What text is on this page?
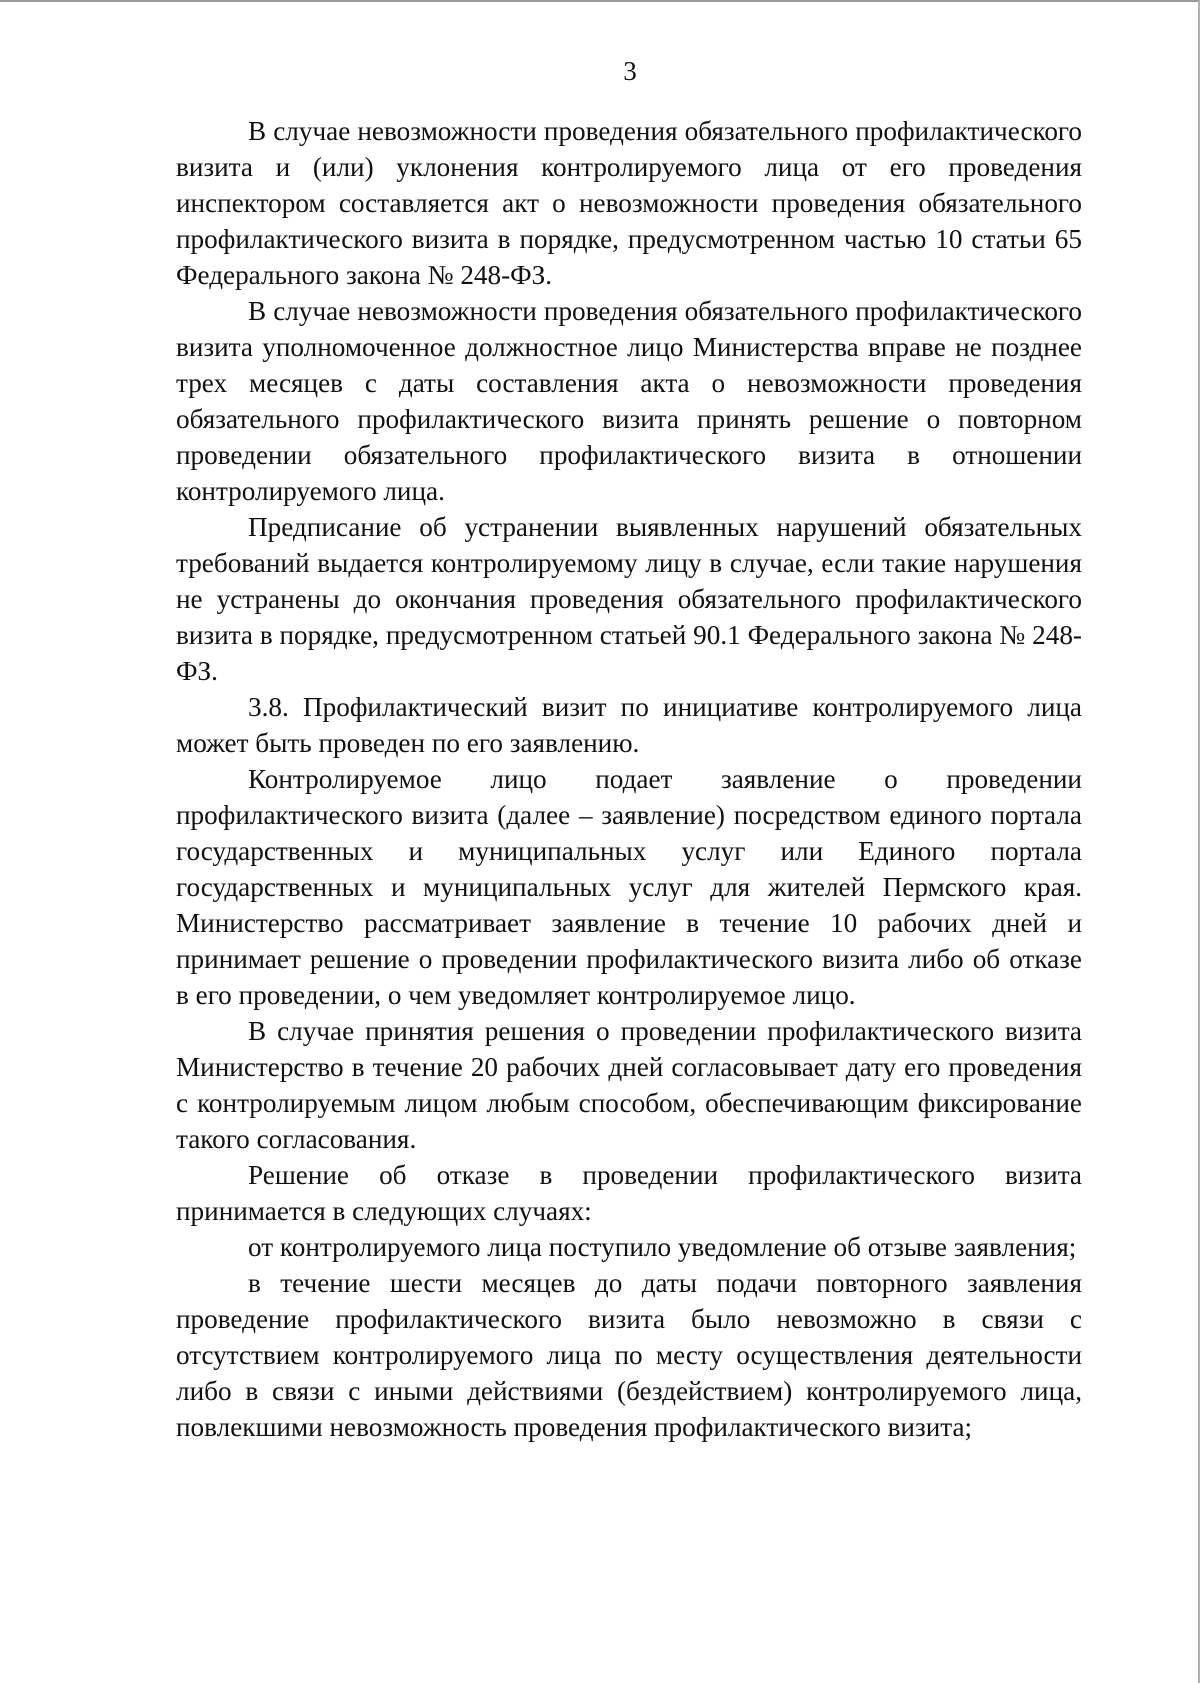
3

В случае невозможности проведения обязательного профилактического визита и (или) уклонения контролируемого лица от его проведения инспектором составляется акт о невозможности проведения обязательного профилактического визита в порядке, предусмотренном частью 10 статьи 65 Федерального закона № 248-ФЗ.

В случае невозможности проведения обязательного профилактического визита уполномоченное должностное лицо Министерства вправе не позднее трех месяцев с даты составления акта о невозможности проведения обязательного профилактического визита принять решение о повторном проведении обязательного профилактического визита в отношении контролируемого лица.

Предписание об устранении выявленных нарушений обязательных требований выдается контролируемому лицу в случае, если такие нарушения не устранены до окончания проведения обязательного профилактического визита в порядке, предусмотренном статьей 90.1 Федерального закона № 248-ФЗ.

3.8. Профилактический визит по инициативе контролируемого лица может быть проведен по его заявлению.

Контролируемое лицо подает заявление о проведении профилактического визита (далее – заявление) посредством единого портала государственных и муниципальных услуг или Единого портала государственных и муниципальных услуг для жителей Пермского края. Министерство рассматривает заявление в течение 10 рабочих дней и принимает решение о проведении профилактического визита либо об отказе в его проведении, о чем уведомляет контролируемое лицо.

В случае принятия решения о проведении профилактического визита Министерство в течение 20 рабочих дней согласовывает дату его проведения с контролируемым лицом любым способом, обеспечивающим фиксирование такого согласования.

Решение об отказе в проведении профилактического визита принимается в следующих случаях:

от контролируемого лица поступило уведомление об отзыве заявления;

в течение шести месяцев до даты подачи повторного заявления проведение профилактического визита было невозможно в связи с отсутствием контролируемого лица по месту осуществления деятельности либо в связи с иными действиями (бездействием) контролируемого лица, повлекшими невозможность проведения профилактического визита;
